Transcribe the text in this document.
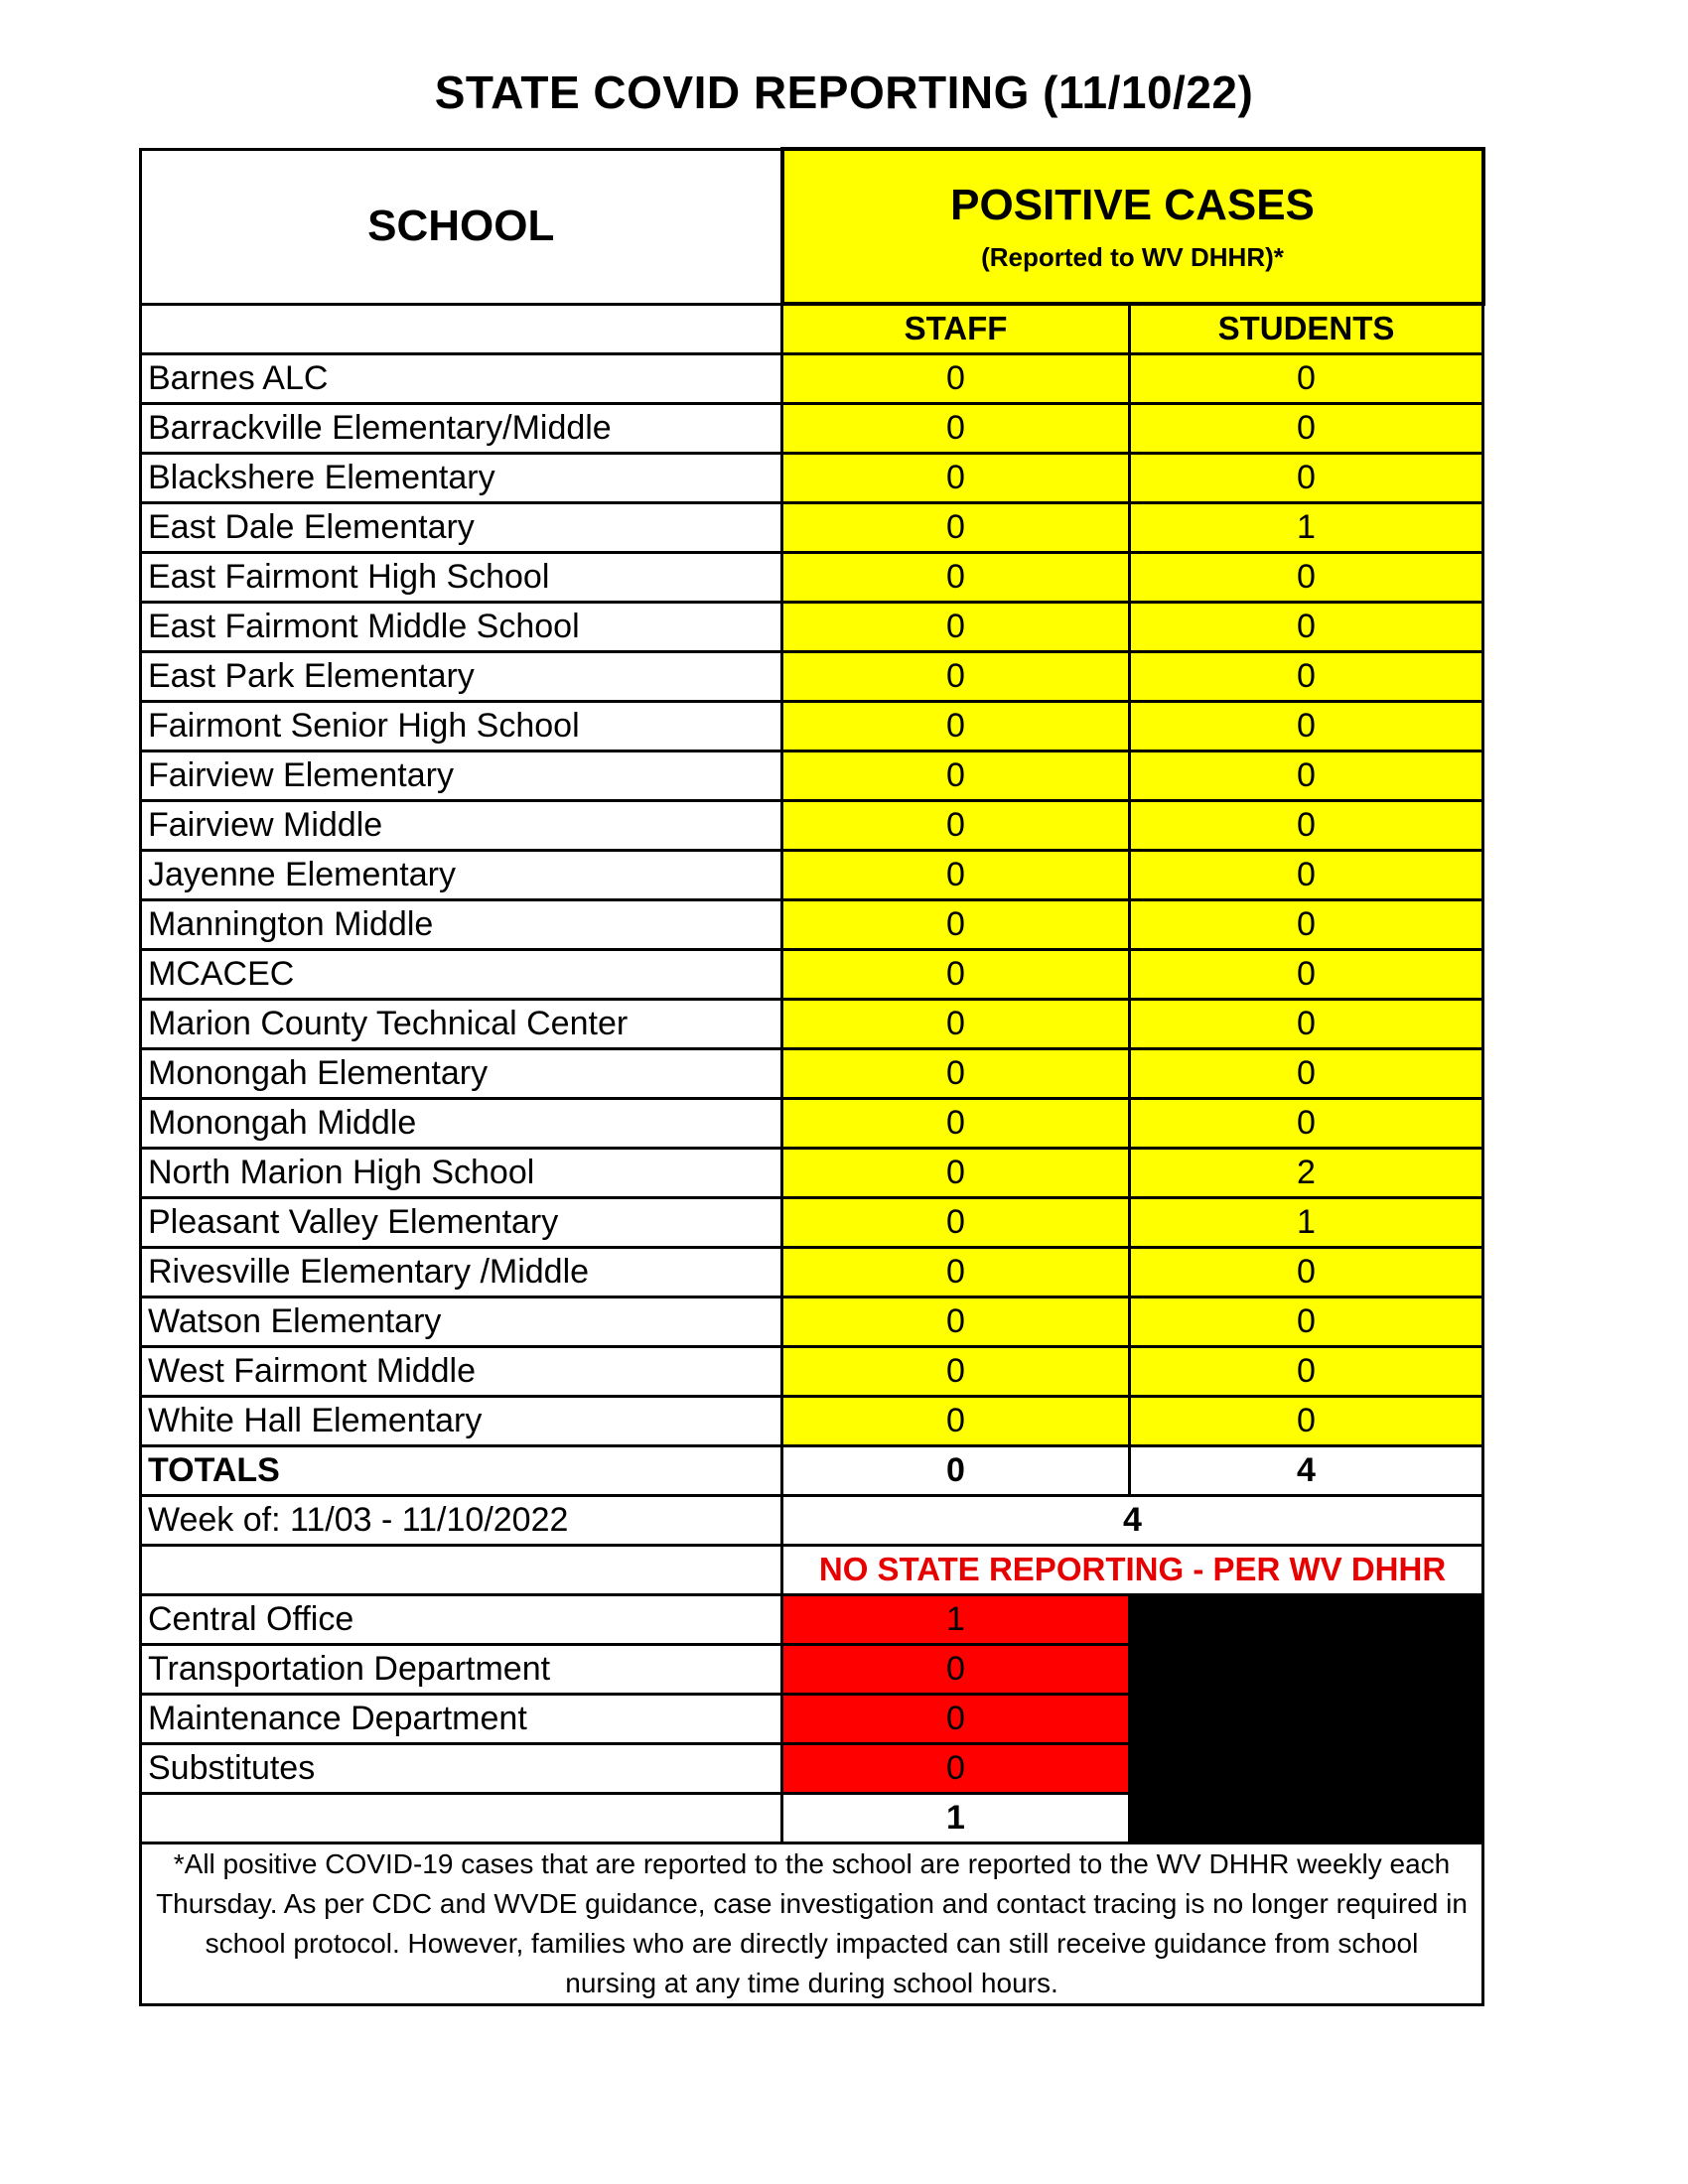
STATE COVID REPORTING (11/10/22)
SCHOOL	POSITIVE CASES
(Reported to WV DHHR)*	

	STAFF	STUDENTS
Barnes ALC	0	0
Barrackville Elementary/Middle	0	0
Blackshere Elementary	0	0
East Dale Elementary	0	1
East Fairmont High School	0	0
East Fairmont Middle School	0	0
East Park Elementary	0	0
Fairmont Senior High School	0	0
Fairview Elementary	0	0
Fairview Middle	0	0
Jayenne Elementary	0	0
Mannington Middle	0	0
MCACEC	0	0
Marion County Technical Center	0	0
Monongah Elementary	0	0
Monongah Middle	0	0
North Marion High School	0	2
Pleasant Valley Elementary	0	1
Rivesville Elementary /Middle	0	0
Watson Elementary	0	0
West Fairmont Middle	0	0
White Hall Elementary	0	0
TOTALS	0	4
Week of: 11/03 - 11/10/2022	4	
	NO STATE REPORTING - PER WV DHHR	
Central Office	1	
Transportation Department	0	
Maintenance Department	0	
Substitutes	0	
	1	
*All positive COVID-19 cases that are reported to the school are reported to the WV DHHR weekly each Thursday. As per CDC and WVDE guidance, case investigation and contact tracing is no longer required in school protocol. However, families who are directly impacted can still receive guidance from school nursing at any time during school hours.		
